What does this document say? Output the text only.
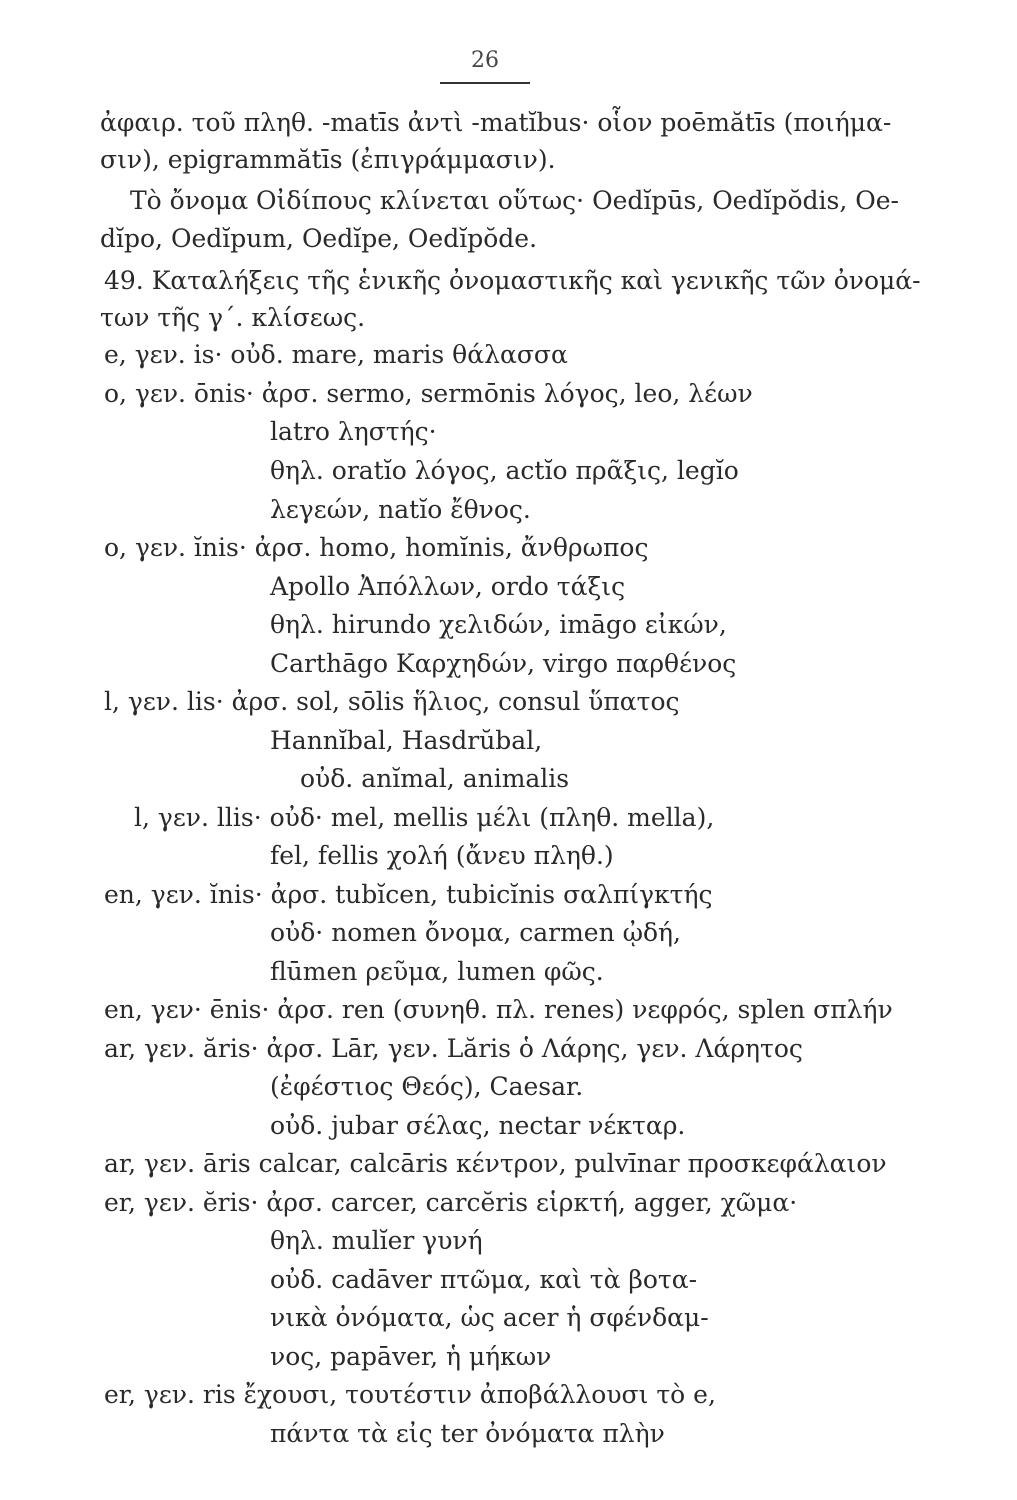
26
ἀφαιρ. τοῦ πληθ. -matīs ἀντὶ -matĭbus· οἷον poēmătīs (ποιήμα-
σιν), epigrammătīs (ἐπιγράμμασιν).
Τὸ ὄνομα Οἰδίπους κλίνεται οὕτως· Oedĭpūs, Oedĭpŏdis, Oe-
dĭpo, Oedĭpum, Oedĭpe, Oedĭpŏde.
49. Καταλήξεις τῆς ἑνικῆς ὀνομαστικῆς καὶ γενικῆς τῶν ὀνομά-
των τῆς γ΄. κλίσεως.
e, γεν. is· οὐδ. mare, maris θάλασσα
o, γεν. ōnis· ἀρσ. sermo, sermōnis λόγος, leo, λέων
latro ληστής·
θηλ. oratĭo λόγος, actĭo πρᾶξις, legĭo
λεγεών, natĭo ἔθνος.
o, γεν. ĭnis· ἀρσ. homo, homĭnis, ἄνθρωπος
Apollo Ἀπόλλων, ordo τάξις
θηλ. hirundo χελιδών, imāgo εἰκών,
Carthāgo Καρχηδών, virgo παρθένος
l, γεν. lis· ἀρσ. sol, sōlis ἥλιος, consul ὕπατος
Hannĭbal, Hasdrŭbal,
οὐδ. anĭmal, animalis
l, γεν. llis· οὐδ· mel, mellis μέλι (πληθ. mella),
fel, fellis χολή (ἄνευ πληθ.)
en, γεν. ĭnis· ἀρσ. tubĭcen, tubicĭnis σαλπίγκτής
οὐδ· nomen ὄνομα, carmen ᾠδή,
flūmen ρεῦμα, lumen φῶς.
en, γεν· ēnis· ἀρσ. ren (συνηθ. πλ. renes) νεφρός, splen σπλήν
ar, γεν. ăris· ἀρσ. Lār, γεν. Lăris ὁ Λάρης, γεν. Λάρητος
(ἐφέστιος Θεός), Caesar.
οὐδ. jubar σέλας, nectar νέκταρ.
ar, γεν. āris calcar, calcāris κέντρον, pulvīnar προσκεφάλαιον
er, γεν. ĕris· ἀρσ. carcer, carcĕris εἱρκτή, agger, χῶμα·
θηλ. mulĭer γυνή
οὐδ. cadāver πτῶμα, καὶ τὰ βοτα-
νικὰ ὀνόματα, ὡς acer ἡ σφένδαμ-
νος, papāver, ἡ μήκων
er, γεν. ris ἔχουσι, τουτέστιν ἀποβάλλουσι τὸ e,
πάντα τὰ εἰς ter ὀνόματα πλὴν
